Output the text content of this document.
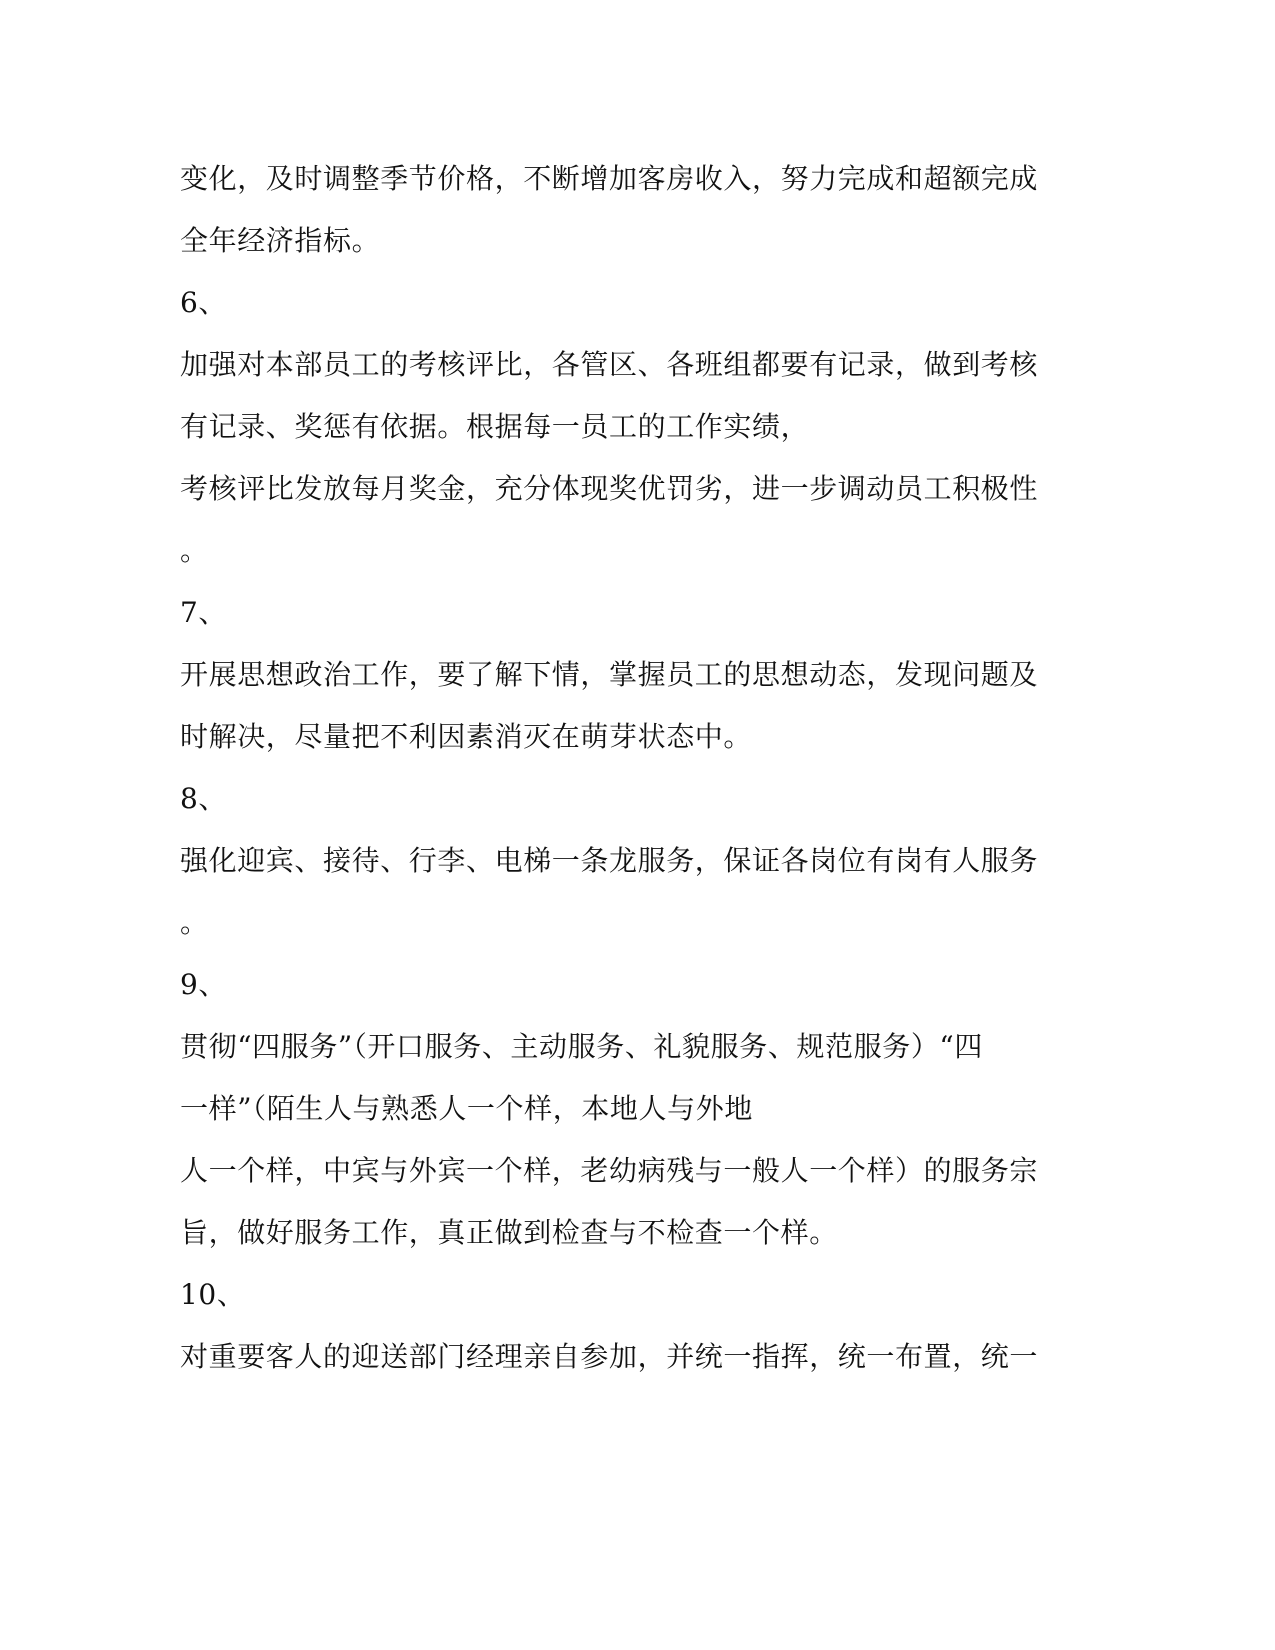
变化，及时调整季节价格，不断增加客房收入，努力完成和超额完成
全年经济指标。
6、
加强对本部员工的考核评比，各管区、各班组都要有记录，做到考核
有记录、奖惩有依据。根据每一员工的工作实绩，
考核评比发放每月奖金，充分体现奖优罚劣，进一步调动员工积极性
。
7、
开展思想政治工作，要了解下情，掌握员工的思想动态，发现问题及
时解决，尽量把不利因素消灭在萌芽状态中。
8、
强化迎宾、接待、行李、电梯一条龙服务，保证各岗位有岗有人服务
。
9、
贯彻“四服务”（开口服务、主动服务、礼貌服务、规范服务）“四
一样”（陌生人与熟悉人一个样，本地人与外地
人一个样，中宾与外宾一个样，老幼病残与一般人一个样）的服务宗
旨，做好服务工作，真正做到检查与不检查一个样。
10、
对重要客人的迎送部门经理亲自参加，并统一指挥，统一布置，统一
